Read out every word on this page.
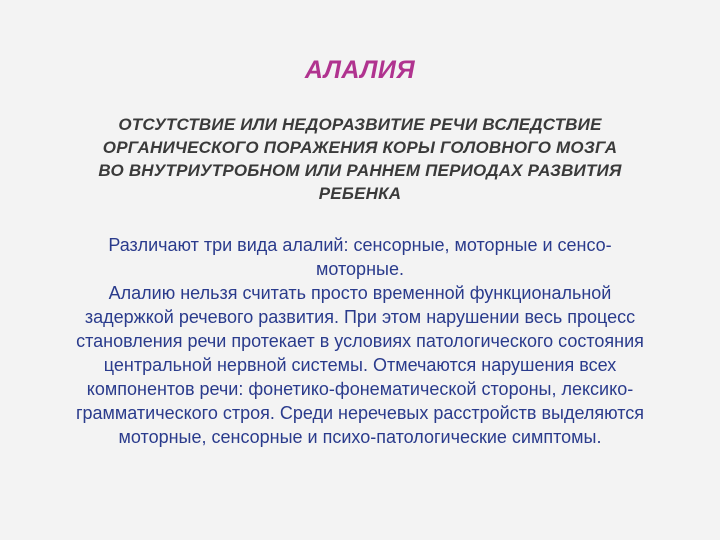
АЛАЛИЯ
ОТСУТСТВИЕ ИЛИ НЕДОРАЗВИТИЕ РЕЧИ ВСЛЕДСТВИЕ
ОРГАНИЧЕСКОГО ПОРАЖЕНИЯ КОРЫ ГОЛОВНОГО МОЗГА
ВО ВНУТРИУТРОБНОМ ИЛИ РАННЕМ ПЕРИОДАХ РАЗВИТИЯ
РЕБЕНКА
Различают три вида алалий: сенсорные, моторные и сенсо-
моторные.
Алалию нельзя считать просто временной функциональной
задержкой речевого развития. При этом нарушении весь процесс
становления речи протекает в условиях патологического состояния
центральной нервной системы. Отмечаются нарушения всех
компонентов речи: фонетико-фонематической стороны, лексико-
грамматического строя. Среди неречевых расстройств выделяются
моторные, сенсорные и психо-патологические симптомы.
